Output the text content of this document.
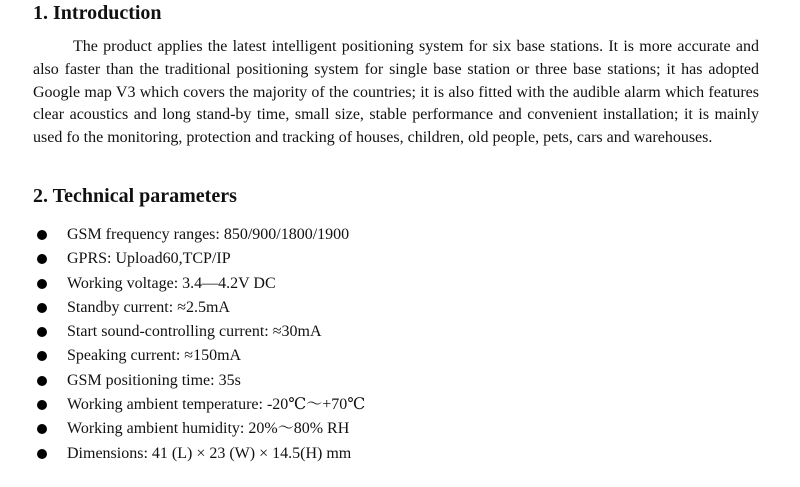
1. Introduction

The product applies the latest intelligent positioning system for six base stations. It is more accurate and also faster than the traditional positioning system for single base station or three base stations; it has adopted Google map V3 which covers the majority of the countries; it is also fitted with the audible alarm which features clear acoustics and long stand-by time, small size, stable performance and convenient installation; it is mainly used fo the monitoring, protection and tracking of houses, children, old people, pets, cars and warehouses.

2. Technical parameters
GSM frequency ranges: 850/900/1800/1900
GPRS: Upload60,TCP/IP
Working voltage: 3.4—4.2V DC
Standby current: ≈2.5mA
Start sound-controlling current: ≈30mA
Speaking current: ≈150mA
GSM positioning time: 35s
Working ambient temperature: -20℃～+70℃
Working ambient humidity: 20%～80% RH
Dimensions: 41 (L) × 23 (W) × 14.5(H) mm
